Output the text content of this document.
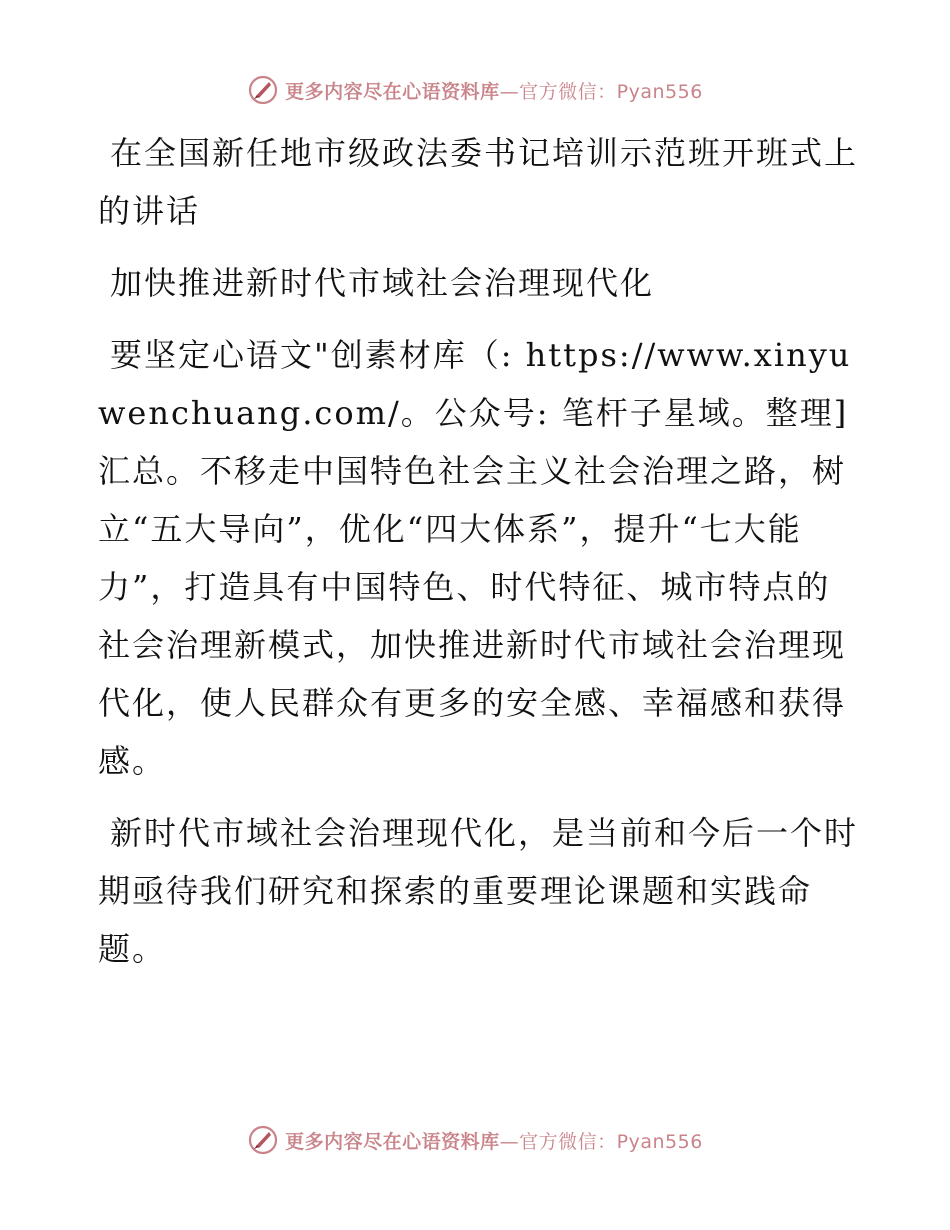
更多内容尽在心语资料库—官方微信：Pyan556

在全国新任地市级政法委书记培训示范班开班式上的讲话

加快推进新时代市域社会治理现代化

要坚定心语文"创素材库（: https://www.xinyuwenchuang.com/。公众号: 笔杆子星域。整理]汇总。不移走中国特色社会主义社会治理之路，树立“五大导向”，优化“四大体系”，提升“七大能力”，打造具有中国特色、时代特征、城市特点的社会治理新模式，加快推进新时代市域社会治理现代化，使人民群众有更多的安全感、幸福感和获得感。

新时代市域社会治理现代化，是当前和今后一个时期亟待我们研究和探索的重要理论课题和实践命题。

更多内容尽在心语资料库—官方微信：Pyan556
